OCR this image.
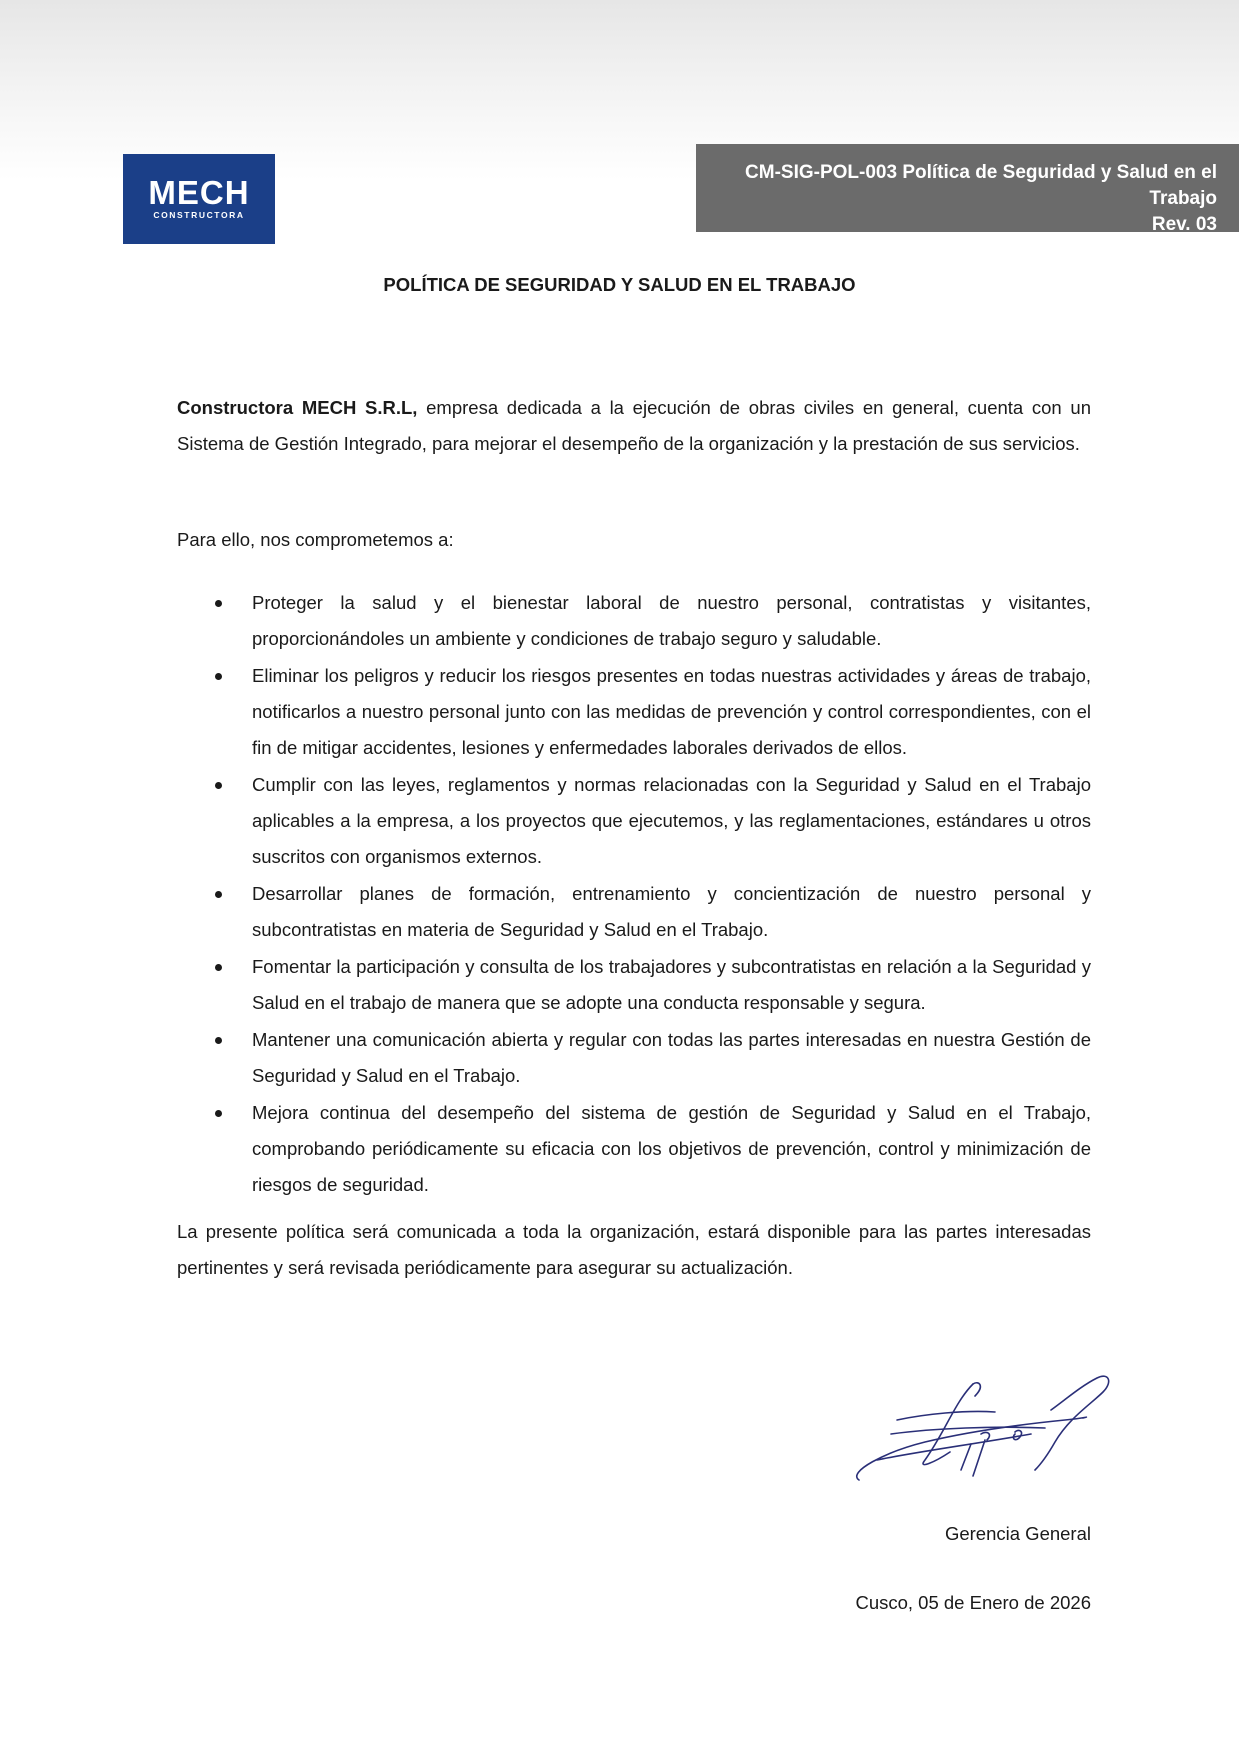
MECH
CONSTRUCTORA
CM-SIG-POL-003 Política de Seguridad y Salud en el Trabajo
Rev. 03
POLÍTICA DE SEGURIDAD Y SALUD EN EL TRABAJO
Constructora MECH S.R.L, empresa dedicada a la ejecución de obras civiles en general, cuenta con un Sistema de Gestión Integrado, para mejorar el desempeño de la organización y la prestación de sus servicios.
Para ello, nos comprometemos a:
Proteger la salud y el bienestar laboral de nuestro personal, contratistas y visitantes, proporcionándoles un ambiente y condiciones de trabajo seguro y saludable.
Eliminar los peligros y reducir los riesgos presentes en todas nuestras actividades y áreas de trabajo, notificarlos a nuestro personal junto con las medidas de prevención y control correspondientes, con el fin de mitigar accidentes, lesiones y enfermedades laborales derivados de ellos.
Cumplir con las leyes, reglamentos y normas relacionadas con la Seguridad y Salud en el Trabajo aplicables a la empresa, a los proyectos que ejecutemos, y las reglamentaciones, estándares u otros suscritos con organismos externos.
Desarrollar planes de formación, entrenamiento y concientización de nuestro personal y subcontratistas en materia de Seguridad y Salud en el Trabajo.
Fomentar la participación y consulta de los trabajadores y subcontratistas en relación a la Seguridad y Salud en el trabajo de manera que se adopte una conducta responsable y segura.
Mantener una comunicación abierta y regular con todas las partes interesadas en nuestra Gestión de Seguridad y Salud en el Trabajo.
Mejora continua del desempeño del sistema de gestión de Seguridad y Salud en el Trabajo, comprobando periódicamente su eficacia con los objetivos de prevención, control y minimización de riesgos de seguridad.
La presente política será comunicada a toda la organización, estará disponible para las partes interesadas pertinentes y será revisada periódicamente para asegurar su actualización.
Gerencia General
Cusco, 05 de Enero de 2026
